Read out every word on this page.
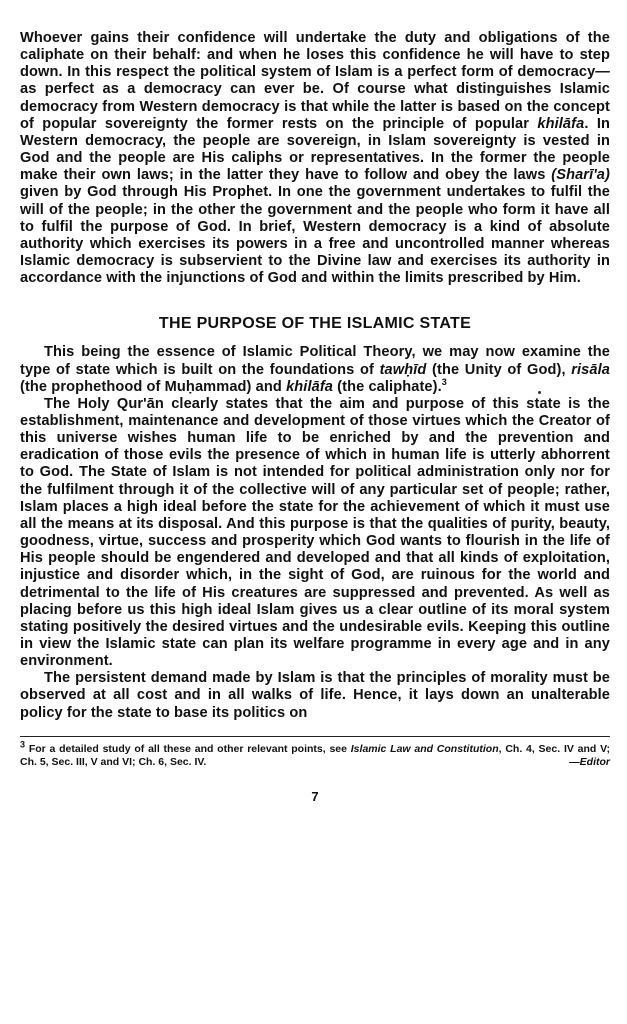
Whoever gains their confidence will undertake the duty and obligations of the caliphate on their behalf: and when he loses this confidence he will have to step down. In this respect the political system of Islam is a perfect form of democracy—as perfect as a democracy can ever be. Of course what distinguishes Islamic democracy from Western democracy is that while the latter is based on the concept of popular sovereignty the former rests on the principle of popular khilāfa. In Western democracy, the people are sovereign, in Islam sovereignty is vested in God and the people are His caliphs or representatives. In the former the people make their own laws; in the latter they have to follow and obey the laws (Sharī'a) given by God through His Prophet. In one the government undertakes to fulfil the will of the people; in the other the government and the people who form it have all to fulfil the purpose of God. In brief, Western democracy is a kind of absolute authority which exercises its powers in a free and uncontrolled manner whereas Islamic democracy is subservient to the Divine law and exercises its authority in accordance with the injunctions of God and within the limits prescribed by Him.

THE PURPOSE OF THE ISLAMIC STATE

This being the essence of Islamic Political Theory, we may now examine the type of state which is built on the foundations of tawḥīd (the Unity of God), risāla (the prophethood of Muḥammad) and khilāfa (the caliphate).$^3$

The Holy Qur'ān clearly states that the aim and purpose of this state is the establishment, maintenance and development of those virtues which the Creator of this universe wishes human life to be enriched by and the prevention and eradication of those evils the presence of which in human life is utterly abhorrent to God. The State of Islam is not intended for political administration only nor for the fulfilment through it of the collective will of any particular set of people; rather, Islam places a high ideal before the state for the achievement of which it must use all the means at its disposal. And this purpose is that the qualities of purity, beauty, goodness, virtue, success and prosperity which God wants to flourish in the life of His people should be engendered and developed and that all kinds of exploitation, injustice and disorder which, in the sight of God, are ruinous for the world and detrimental to the life of His creatures are suppressed and prevented. As well as placing before us this high ideal Islam gives us a clear outline of its moral system stating positively the desired virtues and the undesirable evils. Keeping this outline in view the Islamic state can plan its welfare programme in every age and in any environment.

The persistent demand made by Islam is that the principles of morality must be observed at all cost and in all walks of life. Hence, it lays down an unalterable policy for the state to base its politics on

$^3$ For a detailed study of all these and other relevant points, see Islamic Law and Constitution, Ch. 4, Sec. IV and V; Ch. 5, Sec. III, V and VI; Ch. 6, Sec. IV.	—Editor

7
